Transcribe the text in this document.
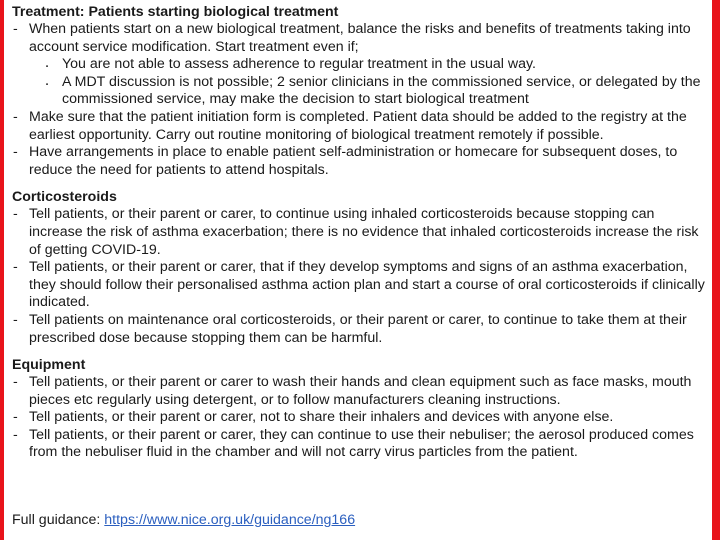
Treatment: Patients starting biological treatment

- When patients start on a new biological treatment, balance the risks and benefits of treatments taking into account service modification. Start treatment even if;
. You are not able to assess adherence to regular treatment in the usual way.
. A MDT discussion is not possible; 2 senior clinicians in the commissioned service, or delegated by the commissioned service, may make the decision to start biological treatment
- Make sure that the patient initiation form is completed. Patient data should be added to the registry at the earliest opportunity. Carry out routine monitoring of biological treatment remotely if possible.
- Have arrangements in place to enable patient self-administration or homecare for subsequent doses, to reduce the need for patients to attend hospitals.

Corticosteroids

- Tell patients, or their parent or carer, to continue using inhaled corticosteroids because stopping can increase the risk of asthma exacerbation; there is no evidence that inhaled corticosteroids increase the risk of getting COVID-19.
- Tell patients, or their parent or carer, that if they develop symptoms and signs of an asthma exacerbation, they should follow their personalised asthma action plan and start a course of oral corticosteroids if clinically indicated.
- Tell patients on maintenance oral corticosteroids, or their parent or carer, to continue to take them at their prescribed dose because stopping them can be harmful.

Equipment

- Tell patients, or their parent or carer to wash their hands and clean equipment such as face masks, mouth pieces etc regularly using detergent, or to follow manufacturers cleaning instructions.
- Tell patients, or their parent or carer, not to share their inhalers and devices with anyone else.
- Tell patients, or their parent or carer, they can continue to use their nebuliser; the aerosol produced comes from the nebuliser fluid in the chamber and will not carry virus particles from the patient.
Full guidance: https://www.nice.org.uk/guidance/ng166
